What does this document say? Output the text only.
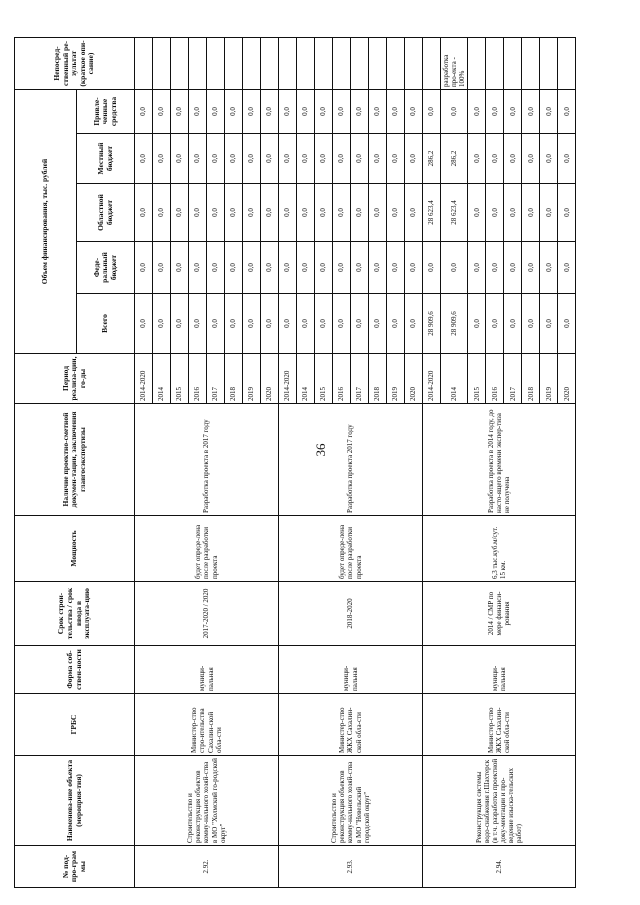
36
№ под-про-грам мы	Наименова-ние объекта (мероприя-тия)	ГРБС	Форма соб-ствен-ности	Срок строи-тельства / срок ввода в эксплуата-цию	Мощность	Наличие проектно-сметной докумен-тации, заключения главгосэкспертизы	Период реализа-ции, го-ды	Объем финансирования, тыс. рублей					Непосред-ственный ре-зультат (краткое опи-сание)
								Всего	Феде-ральный бюджет	Областной бюджет	Местный бюджет	Привле-ченные средства	
2.92.	Строительство и реконструкция объектов комму-нального хозяй-ства в МО "Холмский го-родской округ"	Министер-ство стро-ительства Сахалин-ской обла-сти	муници-пальная	2017-2020 / 2020	будет опреде-лена после разработки проекта	Разработка проекта в 2017 году	2014-2020	0,0	0,0	0,0	0,0	0,0	
							2014	0,0	0,0	0,0	0,0	0,0	
							2015	0,0	0,0	0,0	0,0	0,0	
							2016	0,0	0,0	0,0	0,0	0,0	
							2017	0,0	0,0	0,0	0,0	0,0	
							2018	0,0	0,0	0,0	0,0	0,0	
							2019	0,0	0,0	0,0	0,0	0,0	
							2020	0,0	0,0	0,0	0,0	0,0	
2.93.	Строительство и реконструкция объектов комму-нального хозяй-ства в МО "Невельский городской округ"	Министер-ство ЖКХ Сахалин-ской обла-сти	муници-пальная	2018-2020	будет опреде-лена после разработки проекта	Разработка проекта 2017 году	2014-2020	0,0	0,0	0,0	0,0	0,0	
							2014	0,0	0,0	0,0	0,0	0,0	
							2015	0,0	0,0	0,0	0,0	0,0	
							2016	0,0	0,0	0,0	0,0	0,0	
							2017	0,0	0,0	0,0	0,0	0,0	
							2018	0,0	0,0	0,0	0,0	0,0	
							2019	0,0	0,0	0,0	0,0	0,0	
							2020	0,0	0,0	0,0	0,0	0,0	
2.94.	Реконструкция системы водо-снабжения г.Шахтерск (в т.ч. разработка проектной доку-ментации и про-ведение изыска-тельских работ)	Министер-ство ЖКХ Сахалин-ской обла-сти	муници-пальная	2014 / СМР по мере финанси-рования	6,3 тыс.куб.м/сут. 15 км.	Разработка проекта в 2014 году, до насто-ящего времени экспер-тиза не получена	2014-2020	28 909,6	0,0	28 623,4	286,2	0,0	
							2014	28 909,6	0,0	28 623,4	286,2	0,0	разработка про-екта - 100%
							2015	0,0	0,0	0,0	0,0	0,0	
							2016	0,0	0,0	0,0	0,0	0,0	
							2017	0,0	0,0	0,0	0,0	0,0	
							2018	0,0	0,0	0,0	0,0	0,0	
							2019	0,0	0,0	0,0	0,0	0,0	
							2020	0,0	0,0	0,0	0,0	0,0	
